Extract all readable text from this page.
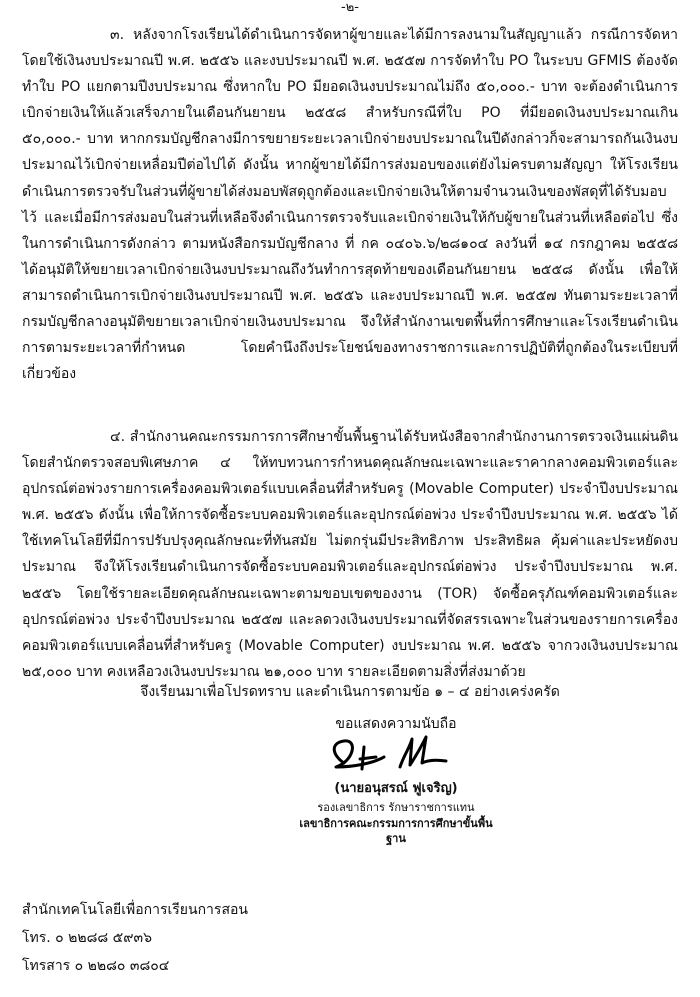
-๒-

๓. หลังจากโรงเรียนได้ดำเนินการจัดหาผู้ขายและได้มีการลงนามในสัญญาแล้ว กรณีการจัดหาโดยใช้เงินงบประมาณปี พ.ศ. ๒๕๕๖ และงบประมาณปี พ.ศ. ๒๕๕๗ การจัดทำใบ PO ในระบบ GFMIS ต้องจัดทำใบ PO แยกตามปีงบประมาณ ซึ่งหากใบ PO มียอดเงินงบประมาณไม่ถึง ๕๐,๐๐๐.- บาท จะต้องดำเนินการเบิกจ่ายเงินให้แล้วเสร็จภายในเดือนกันยายน ๒๕๕๘ สำหรับกรณีที่ใบ PO ที่มียอดเงินงบประมาณเกิน ๕๐,๐๐๐.- บาท หากกรมบัญชีกลางมีการขยายระยะเวลาเบิกจ่ายงบประมาณในปีดังกล่าวก็จะสามารถกันเงินงบประมาณไว้เบิกจ่ายเหลื่อมปีต่อไปได้ ดังนั้น หากผู้ขายได้มีการส่งมอบของแต่ยังไม่ครบตามสัญญา ให้โรงเรียนดำเนินการตรวจรับในส่วนที่ผู้ขายได้ส่งมอบพัสดุถูกต้องและเบิกจ่ายเงินให้ตามจำนวนเงินของพัสดุที่ได้รับมอบไว้ และเมื่อมีการส่งมอบในส่วนที่เหลือจึงดำเนินการตรวจรับและเบิกจ่ายเงินให้กับผู้ขายในส่วนที่เหลือต่อไป ซึ่งในการดำเนินการดังกล่าว ตามหนังสือกรมบัญชีกลาง ที่ กค ๐๔๐๖.๖/๒๘๑๐๔ ลงวันที่ ๑๔ กรกฎาคม ๒๕๕๘ ได้อนุมัติให้ขยายเวลาเบิกจ่ายเงินงบประมาณถึงวันทำการสุดท้ายของเดือนกันยายน ๒๕๕๘ ดังนั้น เพื่อให้สามารถดำเนินการเบิกจ่ายเงินงบประมาณปี พ.ศ. ๒๕๕๖ และงบประมาณปี พ.ศ. ๒๕๕๗ ทันตามระยะเวลาที่กรมบัญชีกลางอนุมัติขยายเวลาเบิกจ่ายเงินงบประมาณ จึงให้สำนักงานเขตพื้นที่การศึกษาและโรงเรียนดำเนินการตามระยะเวลาที่กำหนด โดยคำนึงถึงประโยชน์ของทางราชการและการปฏิบัติที่ถูกต้องในระเบียบที่เกี่ยวข้อง

๔. สำนักงานคณะกรรมการการศึกษาขั้นพื้นฐานได้รับหนังสือจากสำนักงานการตรวจเงินแผ่นดิน โดยสำนักตรวจสอบพิเศษภาค ๔ ให้ทบทวนการกำหนดคุณลักษณะเฉพาะและราคากลางคอมพิวเตอร์และอุปกรณ์ต่อพ่วงรายการเครื่องคอมพิวเตอร์แบบเคลื่อนที่สำหรับครู (Movable Computer) ประจำปีงบประมาณ พ.ศ. ๒๕๕๖ ดังนั้น เพื่อให้การจัดซื้อระบบคอมพิวเตอร์และอุปกรณ์ต่อพ่วง ประจำปีงบประมาณ พ.ศ. ๒๕๕๖ ได้ใช้เทคโนโลยีที่มีการปรับปรุงคุณลักษณะที่ทันสมัย ไม่ตกรุ่นมีประสิทธิภาพ ประสิทธิผล คุ้มค่าและประหยัดงบประมาณ จึงให้โรงเรียนดำเนินการจัดซื้อระบบคอมพิวเตอร์และอุปกรณ์ต่อพ่วง ประจำปีงบประมาณ พ.ศ. ๒๕๕๖ โดยใช้รายละเอียดคุณลักษณะเฉพาะตามขอบเขตของงาน (TOR) จัดซื้อครุภัณฑ์คอมพิวเตอร์และอุปกรณ์ต่อพ่วง ประจำปีงบประมาณ ๒๕๕๗ และลดวงเงินงบประมาณที่จัดสรรเฉพาะในส่วนของรายการเครื่องคอมพิวเตอร์แบบเคลื่อนที่สำหรับครู (Movable Computer) งบประมาณ พ.ศ. ๒๕๕๖ จากวงเงินงบประมาณ ๒๕,๐๐๐ บาท คงเหลือวงเงินงบประมาณ ๒๑,๐๐๐ บาท รายละเอียดตามสิ่งที่ส่งมาด้วย

จึงเรียนมาเพื่อโปรดทราบ และดำเนินการตามข้อ ๑ – ๔ อย่างเคร่งครัด

ขอแสดงความนับถือ
(นายอนุสรณ์ ฟูเจริญ)
รองเลขาธิการ รักษาราชการแทน
เลขาธิการคณะกรรมการการศึกษาขั้นพื้นฐาน
สำนักเทคโนโลยีเพื่อการเรียนการสอน
โทร. ๐ ๒๒๘๘ ๕๙๓๖
โทรสาร ๐ ๒๒๘๐ ๓๘๐๔
